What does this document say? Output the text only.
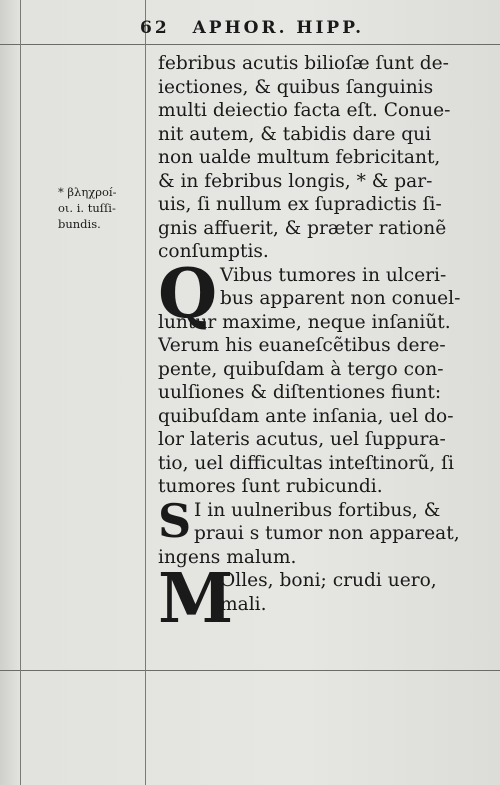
62 APHOR. HIPP.
* βληχροí-
οι. i. tuſſi-
bundis.
febribus acutis bilioſæ ſunt de-
iectiones, & quibus ſanguinis
multi deiectio facta eſt. Conue-
nit autem, & tabidis dare qui
non ualde multum febricitant,
& in febribus longis, * & par-
uis, ſi nullum ex ſupradictis ſi-
gnis affuerit, & præter rationẽ
conſumptis.
Q Vibus tumores in ulceri-
bus apparent non conuel-
luntur maxime, neque inſaniũt.
Verum his euaneſcẽtibus dere-
pente, quibuſdam à tergo con-
uulſiones & diſtentiones fiunt:
quibuſdam ante inſania, uel do-
lor lateris acutus, uel ſuppura-
tio, uel difficultas inteſtinorũ, ſi
tumores ſunt rubicundi.
S I in uulneribus fortibus, &
praui s tumor non appareat,
ingens malum.
M
Olles, boni; crudi uero,
mali.
